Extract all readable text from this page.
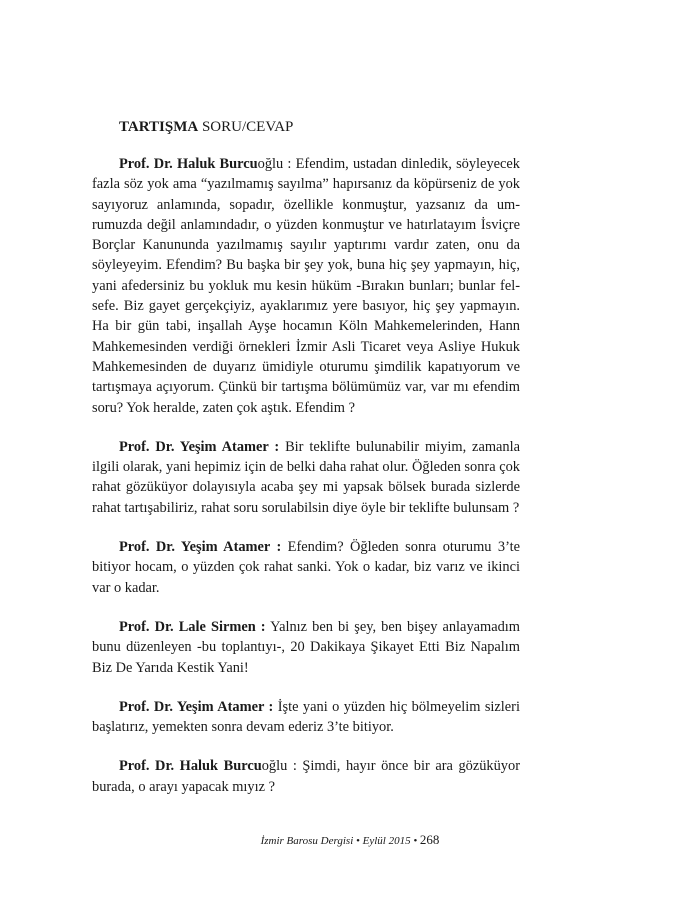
TARTIŞMA SORU/CEVAP

Prof. Dr. Haluk Burcuoğlu : Efendim, ustadan dinledik, söyleyecek fazla söz yok ama “yazılmamış sayılma” hapırsanız da köpürseniz de yok sayıyoruz anlamında, sopadır, özellikle konmuştur, yazsanız da umrumuzda değil anlamındadır, o yüzden konmuştur ve hatırlatayım İsviçre Borçlar Kanununda yazılmamış sayılır yaptırımı vardır zaten, onu da söyleyeyim. Efendim? Bu başka bir şey yok, buna hiç şey yapmayın, hiç, yani afedersiniz bu yokluk mu kesin hüküm -Bırakın bunları; bunlar felsefe. Biz gayet gerçekçiyiz, ayaklarımız yere basıyor, hiç şey yapmayın. Ha bir gün tabi, inşallah Ayşe hocamın Köln Mahkemelerinden, Hann Mahkemesinden verdiği örnekleri İzmir Asli Ticaret veya Asliye Hukuk Mahkemesinden de duyarız ümidiyle oturumu şimdilik kapatıyorum ve tartışmaya açıyorum. Çünkü bir tartışma bölümümüz var, var mı efendim soru? Yok heralde, zaten çok aştık. Efendim ?

Prof. Dr. Yeşim Atamer : Bir teklifte bulunabilir miyim, zamanla ilgili olarak, yani hepimiz için de belki daha rahat olur. Öğleden sonra çok rahat gözüküyor dolayısıyla acaba şey mi yapsak bölsek burada sizlerde rahat tartışabiliriz, rahat soru sorulabilsin diye öyle bir teklifte bulunsam ?

Prof. Dr. Yeşim Atamer : Efendim? Öğleden sonra oturumu 3’te bitiyor hocam, o yüzden çok rahat sanki. Yok o kadar, biz varız ve ikinci var o kadar.

Prof. Dr. Lale Sirmen : Yalnız ben bi şey, ben bişey anlayamadım bunu düzenleyen -bu toplantıyı-, 20 Dakikaya Şikayet Etti Biz Napalım Biz De Yarıda Kestik Yani!

Prof. Dr. Yeşim Atamer : İşte yani o yüzden hiç bölmeyelim sizleri başlatırız, yemekten sonra devam ederiz 3’te bitiyor.

Prof. Dr. Haluk Burcuoğlu : Şimdi, hayır önce bir ara gözüküyor burada, o arayı yapacak mıyız ?

İzmir Barosu Dergisi • Eylül 2015 • 268
